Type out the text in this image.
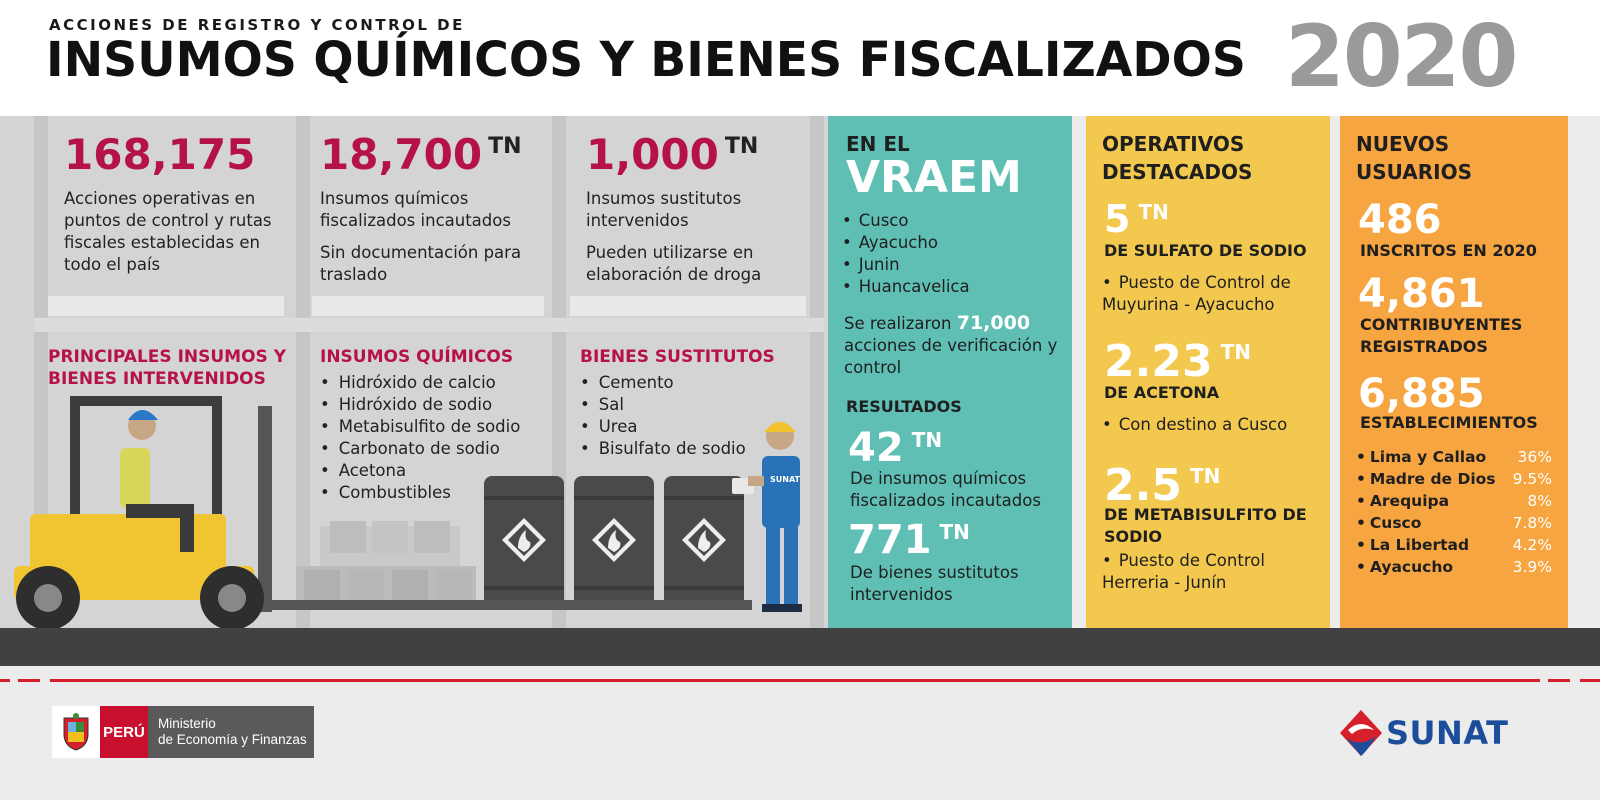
ACCIONES DE REGISTRO Y CONTROL DE
INSUMOS QUÍMICOS Y BIENES FISCALIZADOS 2020
168,175
Acciones operativas en puntos de control y rutas fiscales establecidas en todo el país
18,700 $^{TN}$
Insumos químicos fiscalizados incautados
Sin documentación para traslado
1,000 $^{TN}$
Insumos sustitutos intervenidos
Pueden utilizarse en elaboración de droga
PRINCIPALES INSUMOS Y BIENES INTERVENIDOS
INSUMOS QUÍMICOS
• Hidróxido de calcio
• Hidróxido de sodio
• Metabisulfito de sodio
• Carbonato de sodio
• Acetona
• Combustibles
BIENES SUSTITUTOS
• Cemento
• Sal
• Urea
• Bisulfato de sodio
SUNAT
EN EL
VRAEM
• Cusco
• Ayacucho
• Junin
• Huancavelica
Se realizaron 71,000 acciones de verificación y control
RESULTADOS
42 $^{TN}$
De insumos químicos fiscalizados incautados
771 $^{TN}$
De bienes sustitutos intervenidos
OPERATIVOS DESTACADOS
5 $^{TN}$
DE SULFATO DE SODIO
• Puesto de Control de Muyurina - Ayacucho
2.23 $^{TN}$
DE ACETONA
• Con destino a Cusco
2.5 $^{TN}$
DE METABISULFITO DE SODIO
• Puesto de Control Herreria - Junín
NUEVOS USUARIOS
486
INSCRITOS EN 2020
4,861
CONTRIBUYENTES REGISTRADOS
6,885
ESTABLECIMIENTOS
• Lima y Callao 36%
• Madre de Dios 9.5%
• Arequipa	8%
• Cusco	7.8%
• La Libertad	4.2%
• Ayacucho	3.9%
PERÚ Ministerio
de Economía y Finanzas	SUNAT
